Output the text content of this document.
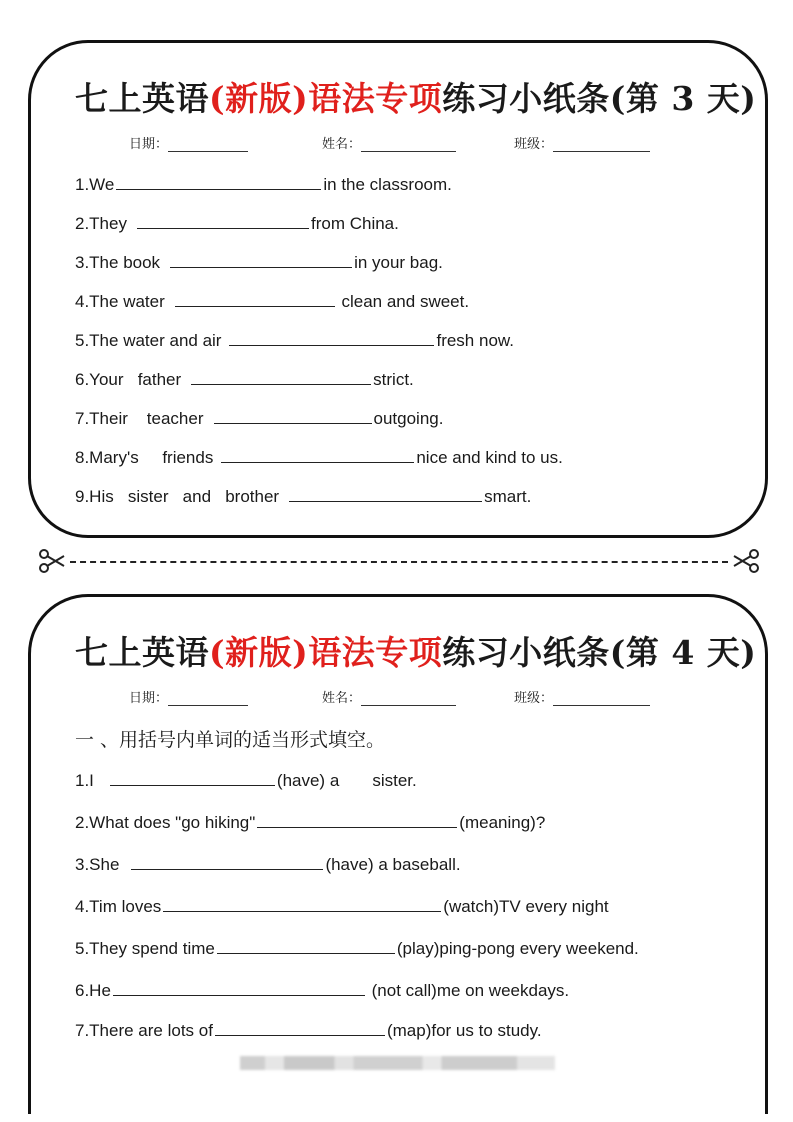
七上英语(新版)语法专项练习小纸条(第 3 天)
日期：	姓名：	班级：
1.We	in the classroom.
2.They	from China.
3.The book	in your bag.
4.The water	clean and sweet.
5.The water and air	fresh now.
6.Your   father	strict.
7.Their    teacher	outgoing.
8.Mary's     friends	nice and kind to us.
9.His   sister   and   brother	smart.
七上英语(新版)语法专项练习小纸条(第 4 天)
日期：	姓名：	班级：
一 、用括号内单词的适当形式填空。
1.I	(have) a       sister.
2.What does "go hiking"	(meaning)?
3.She	(have) a baseball.
4.Tim loves	(watch)TV every night
5.They spend time	(play)ping-pong every weekend.
6.He	(not call)me on weekdays.
7.There are lots of	(map)for us to study.
